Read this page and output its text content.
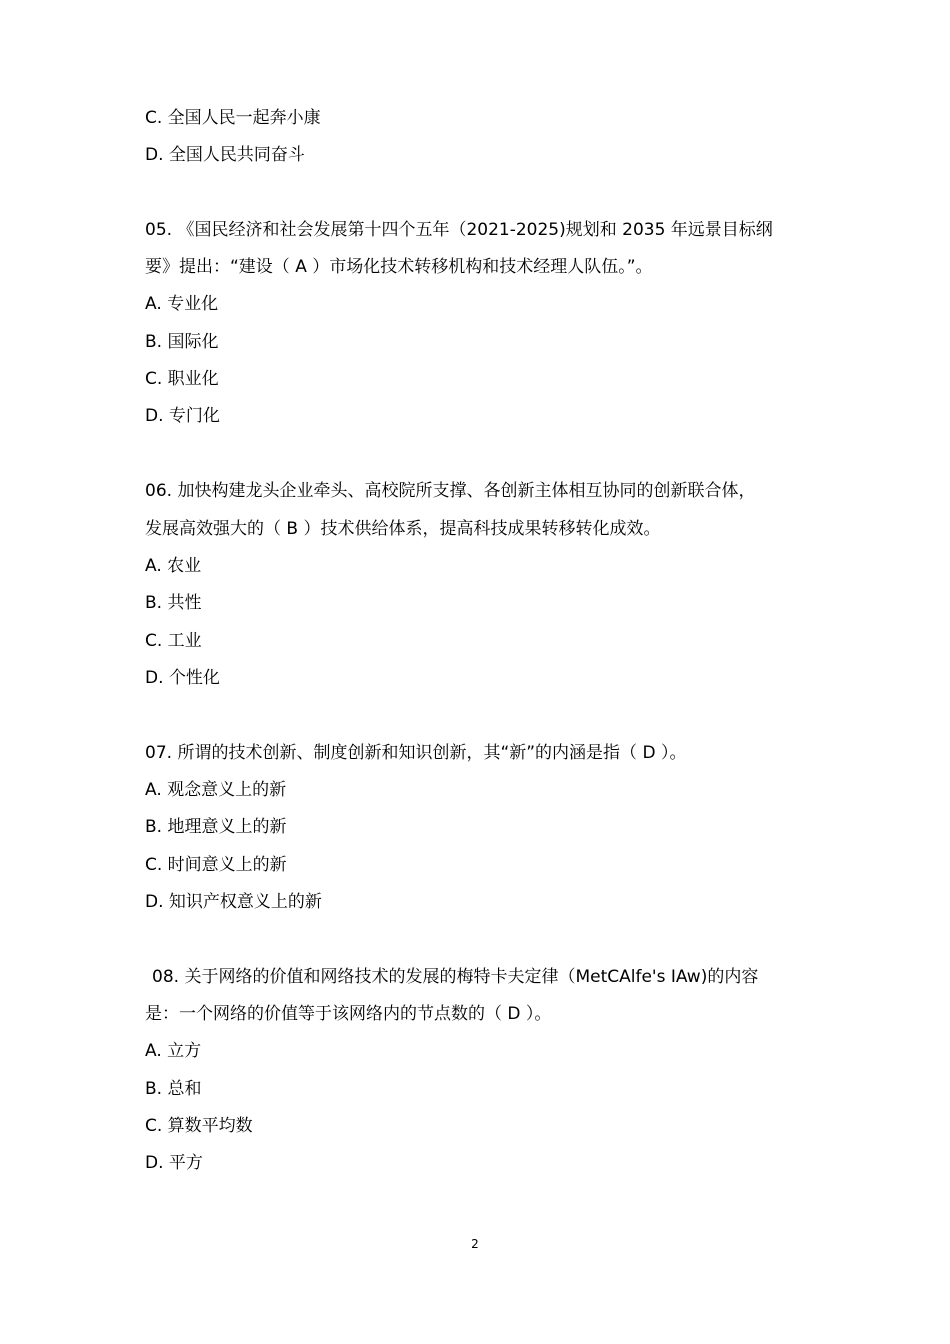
C. 全国人民一起奔小康
D. 全国人民共同奋斗
05. 《国民经济和社会发展第十四个五年（2021-2025)规划和 2035 年远景目标纲
要》提出：“建设（ A ）市场化技术转移机构和技术经理人队伍。”。
A. 专业化
B. 国际化
C. 职业化
D. 专门化
06. 加快构建龙头企业牵头、高校院所支撑、各创新主体相互协同的创新联合体，
发展高效强大的（ B ）技术供给体系，提高科技成果转移转化成效。
A. 农业
B. 共性
C. 工业
D. 个性化
07. 所谓的技术创新、制度创新和知识创新，其“新”的内涵是指（ D ）。
A. 观念意义上的新
B. 地理意义上的新
C. 时间意义上的新
D. 知识产权意义上的新
08. 关于网络的价值和网络技术的发展的梅特卡夫定律（MetCAlfe's IAw)的内容
是：一个网络的价值等于该网络内的节点数的（ D ）。
A. 立方
B. 总和
C. 算数平均数
D. 平方
2
